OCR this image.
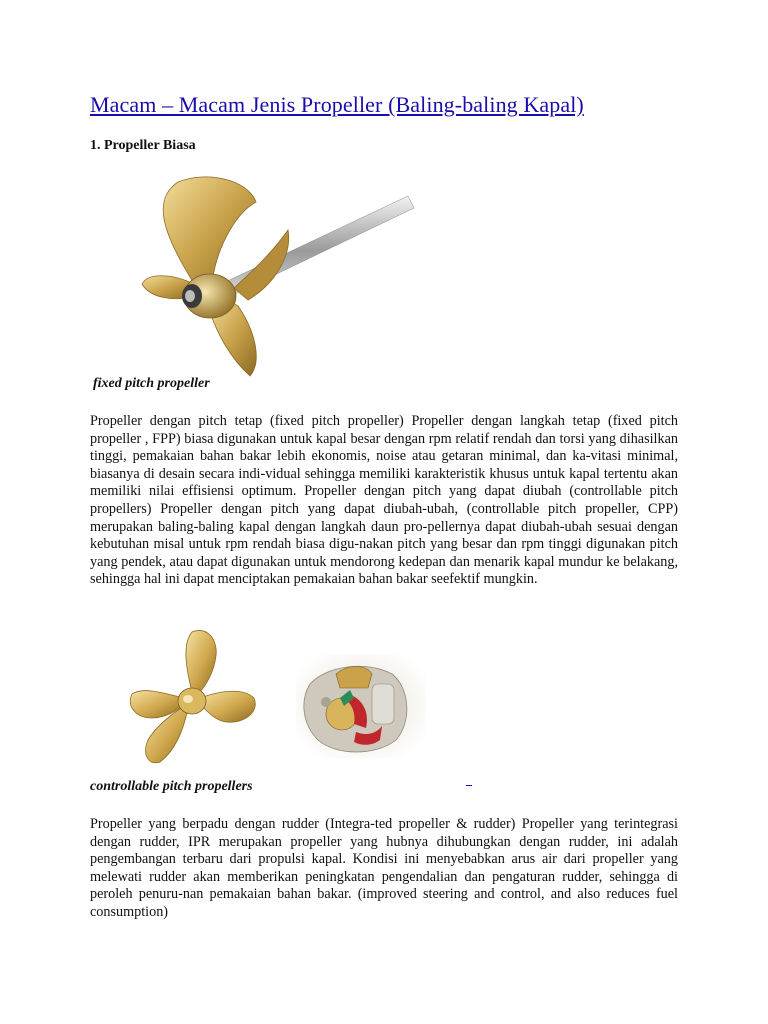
Macam – Macam Jenis Propeller (Baling-baling Kapal)
1. Propeller Biasa

fixed pitch propeller

Propeller dengan pitch tetap (fixed pitch propeller) Propeller dengan langkah tetap (fixed pitch propeller , FPP) biasa digunakan untuk kapal besar dengan rpm relatif rendah dan torsi yang dihasilkan tinggi, pemakaian bahan bakar lebih ekonomis, noise atau getaran minimal, dan ka-vitasi minimal, biasanya di desain secara indi-vidual sehingga memiliki karakteristik khusus untuk kapal tertentu akan memiliki nilai effisiensi optimum. Propeller dengan pitch yang dapat diubah (controllable pitch propellers) Propeller dengan pitch yang dapat diubah-ubah, (controllable pitch propeller, CPP) merupakan baling-baling kapal dengan langkah daun pro-pellernya dapat diubah-ubah sesuai dengan kebutuhan misal untuk rpm rendah biasa digu-nakan pitch yang besar dan rpm tinggi digunakan pitch yang pendek, atau dapat digunakan untuk mendorong kedepan dan menarik kapal mundur ke belakang, sehingga hal ini dapat menciptakan pemakaian bahan bakar seefektif mungkin.

controllable pitch propellers	_

Propeller yang berpadu dengan rudder (Integra-ted propeller & rudder) Propeller yang terintegrasi dengan rudder, IPR merupakan propeller yang hubnya dihubungkan dengan rudder, ini adalah pengembangan terbaru dari propulsi kapal. Kondisi ini menyebabkan arus air dari propeller yang melewati rudder akan memberikan peningkatan pengendalian dan pengaturan rudder, sehingga di peroleh penuru-nan pemakaian bahan bakar. (improved steering and control, and also reduces fuel consumption)
